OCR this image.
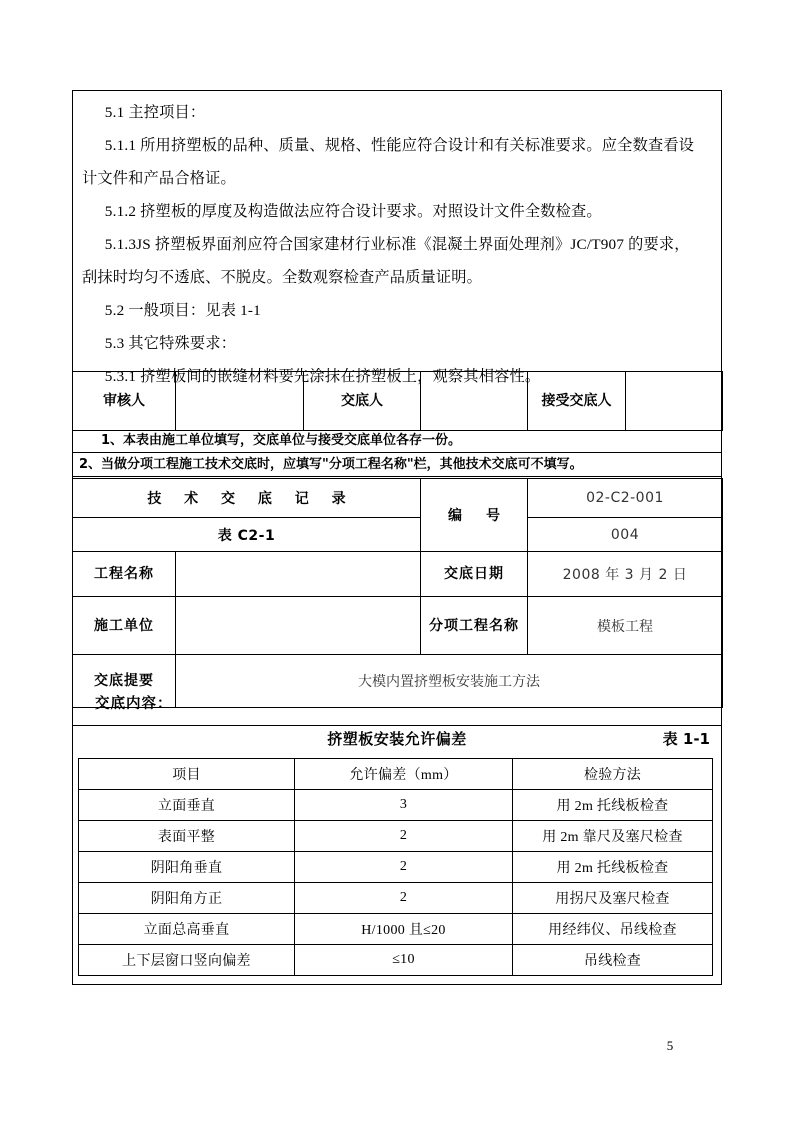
5.1 主控项目：
5.1.1 所用挤塑板的品种、质量、规格、性能应符合设计和有关标准要求。应全数查看设
计文件和产品合格证。
5.1.2 挤塑板的厚度及构造做法应符合设计要求。对照设计文件全数检查。
5.1.3JS 挤塑板界面剂应符合国家建材行业标准《混凝土界面处理剂》JC/T907 的要求，
刮抹时均匀不透底、不脱皮。全数观察检查产品质量证明。
5.2 一般项目：见表 1-1
5.3 其它特殊要求：
5.3.1 挤塑板间的嵌缝材料要先涂抹在挤塑板上，观察其相容性。
审核人		交底人		接受交底人	
1、本表由施工单位填写，交底单位与接受交底单位各存一份。
2、当做分项工程施工技术交底时，应填写"分项工程名称"栏，其他技术交底可不填写。
技 术 交 底 记 录		编　号	02-C2-001
表 C2-1			004
工程名称		交底日期	2008 年 3 月 2 日
施工单位		分项工程名称	模板工程
交底提要	大模内置挤塑板安装施工方法		
交底内容：
挤塑板安装允许偏差	表 1-1
项目	允许偏差（mm）	检验方法
立面垂直	3	用 2m 托线板检查
表面平整	2	用 2m 靠尺及塞尺检查
阴阳角垂直	2	用 2m 托线板检查
阴阳角方正	2	用拐尺及塞尺检查
立面总高垂直	H/1000 且≤20	用经纬仪、吊线检查
上下层窗口竖向偏差	≤10	吊线检查
5
